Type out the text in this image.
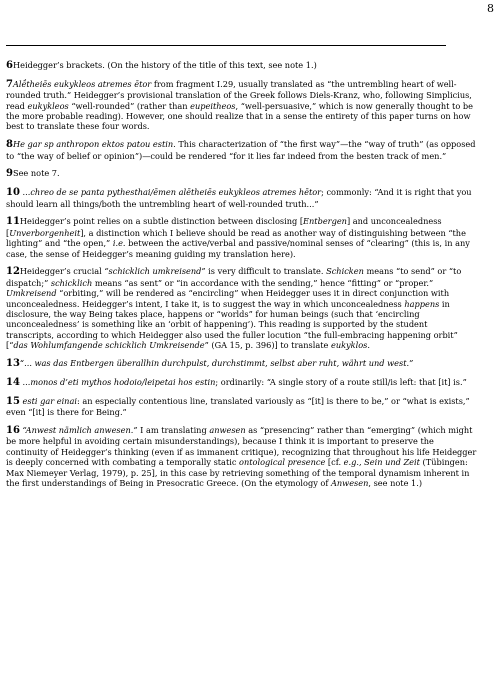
8

6Heidegger’s brackets. (On the history of the title of this text, see note 1.)

7Alḗtheiēs eukykleos atremes ētor from fragment I.29, usually translated as “the untrembling heart of well-rounded truth.” Heidegger’s provisional translation of the Greek follows Diels-Kranz, who, following Simplicius, read eukykleos “well-rounded” (rather than eupeitheos, “well-persuasive,” which is now generally thought to be the more probable reading). However, one should realize that in a sense the entirety of this paper turns on how best to translate these four words.

8He gar sp anthropon ektos patou estin. This characterization of “the first way”—the “way of truth” (as opposed to “the way of belief or opinion”)—could be rendered “for it lies far indeed from the besten track of men.”

9See note 7.

10 ...chreo de se panta pythesthai/ēmen alētheiēs eukykleos atremes hētor; commonly: “And it is right that you should learn all things/both the untrembling heart of well-rounded truth...”

11Heidegger’s point relies on a subtle distinction between disclosing [Entbergen] and unconcealedness [Unverborgenheit], a distinction which I believe should be read as another way of distinguishing between “the lighting” and “the open,” i.e. between the active/verbal and passive/nominal senses of “clearing” (this is, in any case, the sense of Heidegger’s meaning guiding my translation here).

12Heidegger’s crucial “schicklich umkreisend” is very difficult to translate. Schicken means “to send” or “to dispatch;” schicklich means “as sent” or “in accordance with the sending,” hence “fitting” or “proper.” Umkreisend “orbiting,” will be rendered as “encircling” when Heidegger uses it in direct conjunction with unconcealedness. Heidegger’s intent, I take it, is to suggest the way in which unconcealedness happens in disclosure, the way Being takes place, happens or “worlds” for human beings (such that ‘encircling unconcealedness’ is something like an ‘orbit of happening’). This reading is supported by the student transcripts, according to which Heidegger also used the fuller locution “the full-embracing happening orbit” [“das Wohlumfangende schicklich Umkreisende” (GA 15, p. 396)] to translate eukyklos.

13“... was das Entbergen überallhin durchpulst, durchstimmt, selbst aber ruht, währt und west.”

14 ...monos d’eti mythos hodoio/leipetai hos estin; ordinarily: “A single story of a route still/is left: that [it] is.”

15 esti gar einai: an especially contentious line, translated variously as “[it] is there to be,” or “what is exists,” even “[it] is there for Being.”

16 “Anwest nämlich anwesen.” I am translating anwesen as “presencing” rather than “emerging” (which might be more helpful in avoiding certain misunderstandings), because I think it is important to preserve the continuity of Heidegger’s thinking (even if as immanent critique), recognizing that throughout his life Heidegger is deeply concerned with combating a temporally static ontological presence [cf. e.g., Sein und Zeit (Tübingen: Max Niemeyer Verlag, 1979), p. 25], in this case by retrieving something of the temporal dynamism inherent in the first understandings of Being in Presocratic Greece. (On the etymology of Anwesen, see note 1.)
